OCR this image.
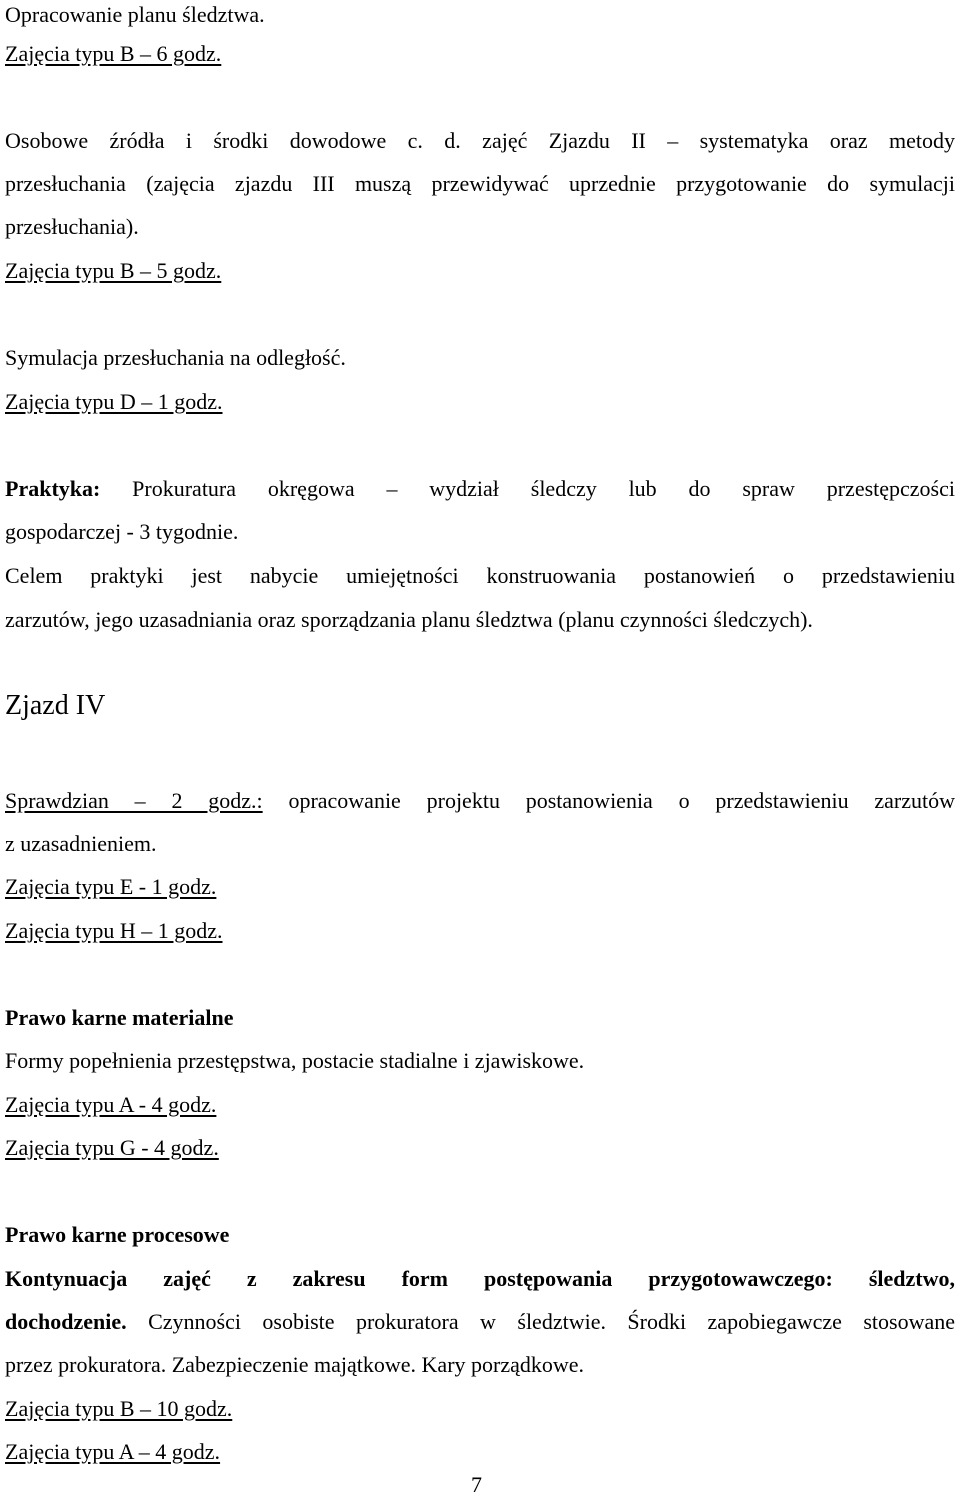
Opracowanie planu śledztwa.
Zajęcia typu B – 6 godz.
Osobowe źródła i środki dowodowe c. d. zajęć Zjazdu II – systematyka oraz metody
przesłuchania (zajęcia zjazdu III muszą przewidywać uprzednie przygotowanie do symulacji
przesłuchania).
Zajęcia typu B – 5 godz.
Symulacja przesłuchania na odległość.
Zajęcia typu D – 1 godz.
Praktyka: Prokuratura okręgowa – wydział śledczy lub do spraw przestępczości
gospodarczej - 3 tygodnie.
Celem praktyki jest nabycie umiejętności konstruowania postanowień o przedstawieniu
zarzutów, jego uzasadniania oraz sporządzania planu śledztwa (planu czynności śledczych).
Zjazd IV
Sprawdzian – 2 godz.: opracowanie projektu postanowienia o przedstawieniu zarzutów
z uzasadnieniem.
Zajęcia typu E - 1 godz.
Zajęcia typu H – 1 godz.
Prawo karne materialne
Formy popełnienia przestępstwa, postacie stadialne i zjawiskowe.
Zajęcia typu A - 4 godz.
Zajęcia typu G - 4 godz.
Prawo karne procesowe
Kontynuacja zajęć z zakresu form postępowania przygotowawczego: śledztwo,
dochodzenie. Czynności osobiste prokuratora w śledztwie. Środki zapobiegawcze stosowane
przez prokuratora. Zabezpieczenie majątkowe. Kary porządkowe.
Zajęcia typu B – 10 godz.
Zajęcia typu A – 4 godz.
7
